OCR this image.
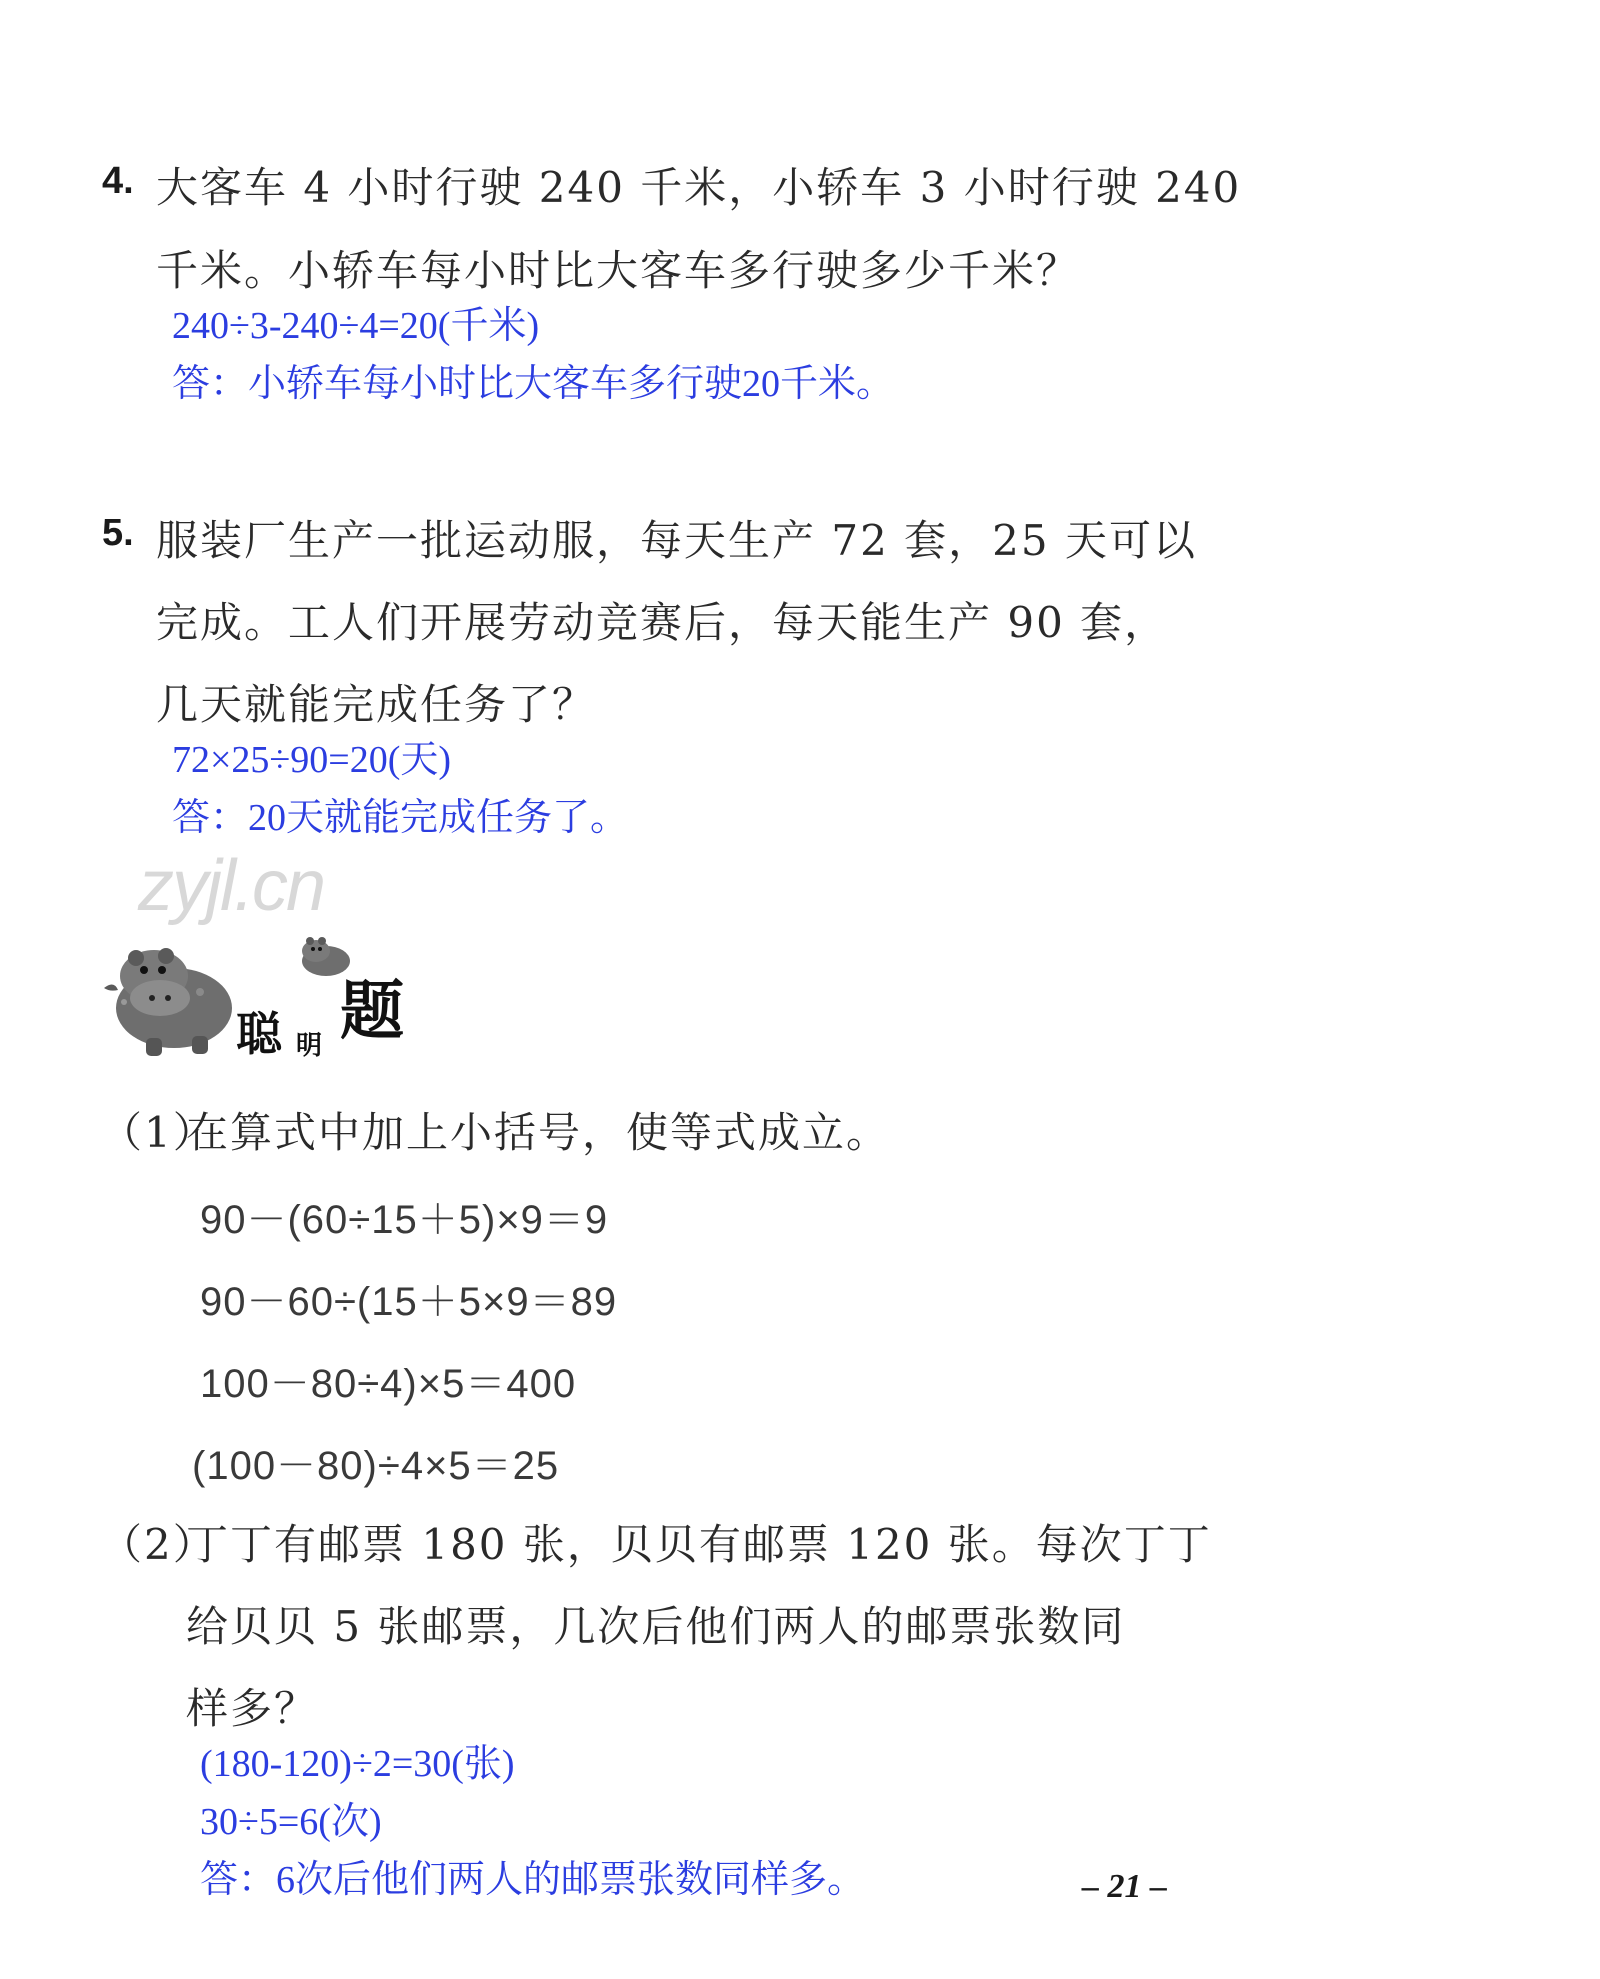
4. 大客车 4 小时行驶 240 千米，小轿车 3 小时行驶 240
千米。小轿车每小时比大客车多行驶多少千米？
240÷3-240÷4=20(千米)
答：小轿车每小时比大客车多行驶20千米。
5. 服装厂生产一批运动服，每天生产 72 套，25 天可以
完成。工人们开展劳动竞赛后，每天能生产 90 套，
几天就能完成任务了？
72×25÷90=20(天)
答：20天就能完成任务了。
zyjl.cn
聪 明 题
（1）
在算式中加上小括号，使等式成立。
90－(60÷15＋5)×9＝9
90－60÷(15＋5×9＝89
100－80÷4)×5＝400
(100－80)÷4×5＝25
（2）
丁丁有邮票 180 张，贝贝有邮票 120 张。每次丁丁
给贝贝 5 张邮票，几次后他们两人的邮票张数同
样多？
(180-120)÷2=30(张)
30÷5=6(次)
答：6次后他们两人的邮票张数同样多。	– 21 –
